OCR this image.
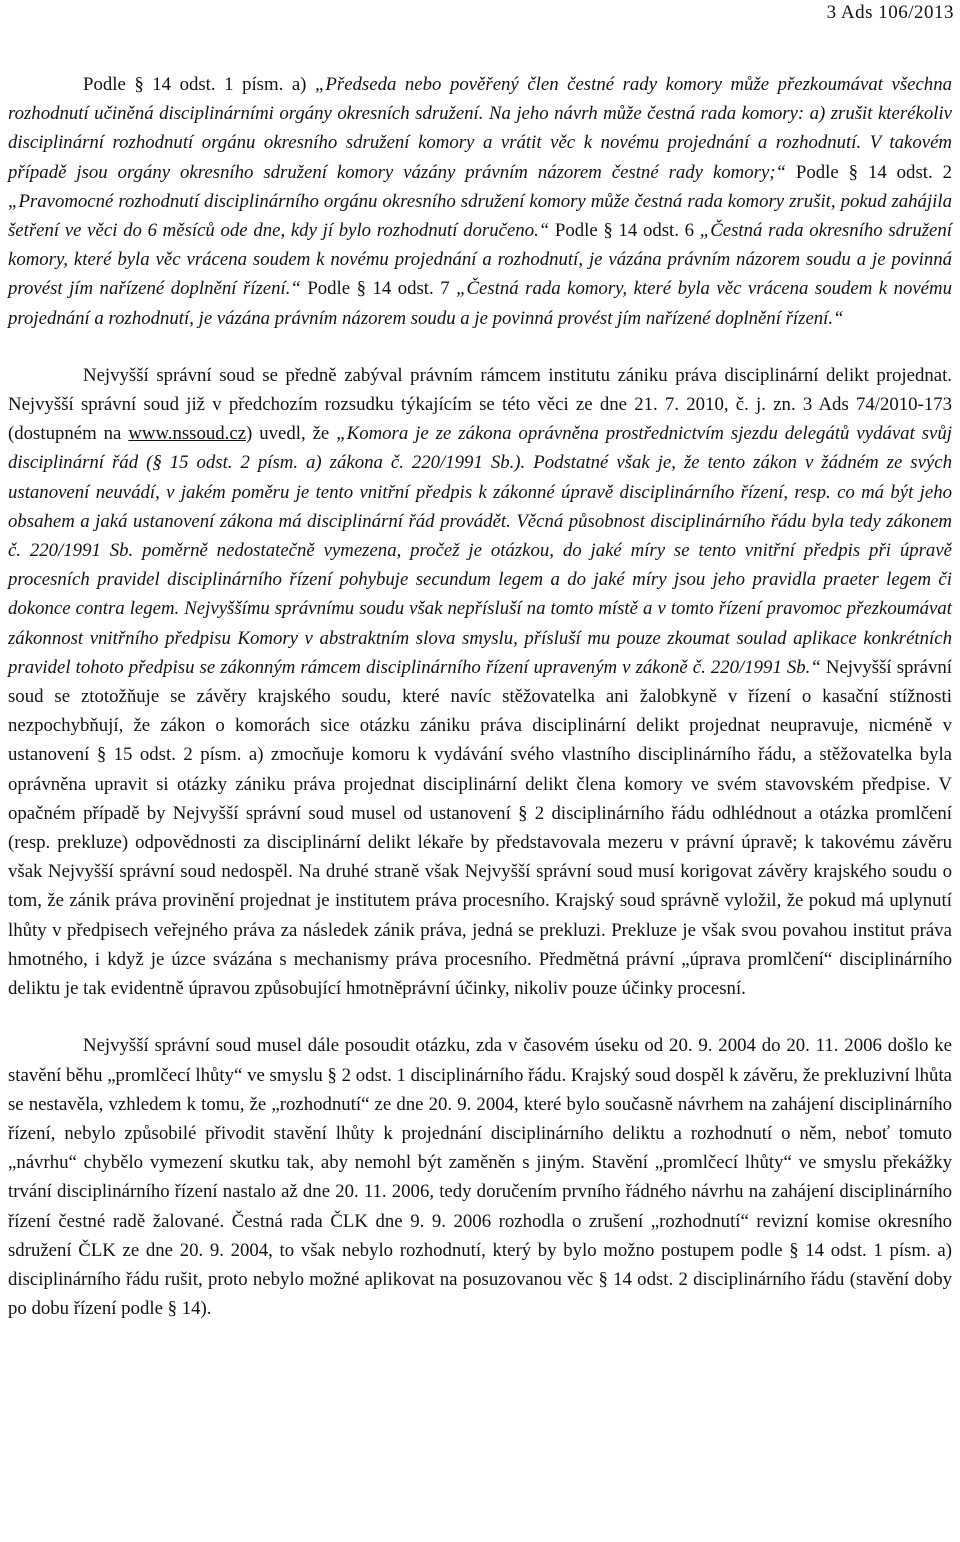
3 Ads 106/2013

Podle § 14 odst. 1 písm. a) „Předseda nebo pověřený člen čestné rady komory může přezkoumávat všechna rozhodnutí učiněná disciplinárními orgány okresních sdružení. Na jeho návrh může čestná rada komory: a) zrušit kterékoliv disciplinární rozhodnutí orgánu okresního sdružení komory a vrátit věc k novému projednání a rozhodnutí. V takovém případě jsou orgány okresního sdružení komory vázány právním názorem čestné rady komory;“ Podle § 14 odst. 2 „Pravomocné rozhodnutí disciplinárního orgánu okresního sdružení komory může čestná rada komory zrušit, pokud zahájila šetření ve věci do 6 měsíců ode dne, kdy jí bylo rozhodnutí doručeno.“ Podle § 14 odst. 6 „Čestná rada okresního sdružení komory, které byla věc vrácena soudem k novému projednání a rozhodnutí, je vázána právním názorem soudu a je povinná provést jím nařízené doplnění řízení.“ Podle § 14 odst. 7 „Čestná rada komory, které byla věc vrácena soudem k novému projednání a rozhodnutí, je vázána právním názorem soudu a je povinná provést jím nařízené doplnění řízení.“

Nejvyšší správní soud se předně zabýval právním rámcem institutu zániku práva disciplinární delikt projednat. Nejvyšší správní soud již v předchozím rozsudku týkajícím se této věci ze dne 21. 7. 2010, č. j. zn. 3 Ads 74/2010-173 (dostupném na www.nssoud.cz) uvedl, že „Komora je ze zákona oprávněna prostřednictvím sjezdu delegátů vydávat svůj disciplinární řád (§ 15 odst. 2 písm. a) zákona č. 220/1991 Sb.). Podstatné však je, že tento zákon v žádném ze svých ustanovení neuvádí, v jakém poměru je tento vnitřní předpis k zákonné úpravě disciplinárního řízení, resp. co má být jeho obsahem a jaká ustanovení zákona má disciplinární řád provádět. Věcná působnost disciplinárního řádu byla tedy zákonem č. 220/1991 Sb. poměrně nedostatečně vymezena, pročež je otázkou, do jaké míry se tento vnitřní předpis při úpravě procesních pravidel disciplinárního řízení pohybuje secundum legem a do jaké míry jsou jeho pravidla praeter legem či dokonce contra legem. Nejvyššímu správnímu soudu však nepřísluší na tomto místě a v tomto řízení pravomoc přezkoumávat zákonnost vnitřního předpisu Komory v abstraktním slova smyslu, přísluší mu pouze zkoumat soulad aplikace konkrétních pravidel tohoto předpisu se zákonným rámcem disciplinárního řízení upraveným v zákoně č. 220/1991 Sb.“ Nejvyšší správní soud se ztotožňuje se závěry krajského soudu, které navíc stěžovatelka ani žalobkyně v řízení o kasační stížnosti nezpochybňují, že zákon o komorách sice otázku zániku práva disciplinární delikt projednat neupravuje, nicméně v ustanovení § 15 odst. 2 písm. a) zmocňuje komoru k vydávání svého vlastního disciplinárního řádu, a stěžovatelka byla oprávněna upravit si otázky zániku práva projednat disciplinární delikt člena komory ve svém stavovském předpise. V opačném případě by Nejvyšší správní soud musel od ustanovení § 2 disciplinárního řádu odhlédnout a otázka promlčení (resp. prekluze) odpovědnosti za disciplinární delikt lékaře by představovala mezeru v právní úpravě; k takovému závěru však Nejvyšší správní soud nedospěl. Na druhé straně však Nejvyšší správní soud musí korigovat závěry krajského soudu o tom, že zánik práva provinění projednat je institutem práva procesního. Krajský soud správně vyložil, že pokud má uplynutí lhůty v předpisech veřejného práva za následek zánik práva, jedná se prekluzi. Prekluze je však svou povahou institut práva hmotného, i když je úzce svázána s mechanismy práva procesního. Předmětná právní „úprava promlčení“ disciplinárního deliktu je tak evidentně úpravou způsobující hmotněprávní účinky, nikoliv pouze účinky procesní.

Nejvyšší správní soud musel dále posoudit otázku, zda v časovém úseku od 20. 9. 2004 do 20. 11. 2006 došlo ke stavění běhu „promlčecí lhůty“ ve smyslu § 2 odst. 1 disciplinárního řádu. Krajský soud dospěl k závěru, že prekluzivní lhůta se nestavěla, vzhledem k tomu, že „rozhodnutí“ ze dne 20. 9. 2004, které bylo současně návrhem na zahájení disciplinárního řízení, nebylo způsobilé přivodit stavění lhůty k projednání disciplinárního deliktu a rozhodnutí o něm, neboť tomuto „návrhu“ chybělo vymezení skutku tak, aby nemohl být zaměněn s jiným. Stavění „promlčecí lhůty“ ve smyslu překážky trvání disciplinárního řízení nastalo až dne 20. 11. 2006, tedy doručením prvního řádného návrhu na zahájení disciplinárního řízení čestné radě žalované. Čestná rada ČLK dne 9. 9. 2006 rozhodla o zrušení „rozhodnutí“ revizní komise okresního sdružení ČLK ze dne 20. 9. 2004, to však nebylo rozhodnutí, který by bylo možno postupem podle § 14 odst. 1 písm. a) disciplinárního řádu rušit, proto nebylo možné aplikovat na posuzovanou věc § 14 odst. 2 disciplinárního řádu (stavění doby po dobu řízení podle § 14).
